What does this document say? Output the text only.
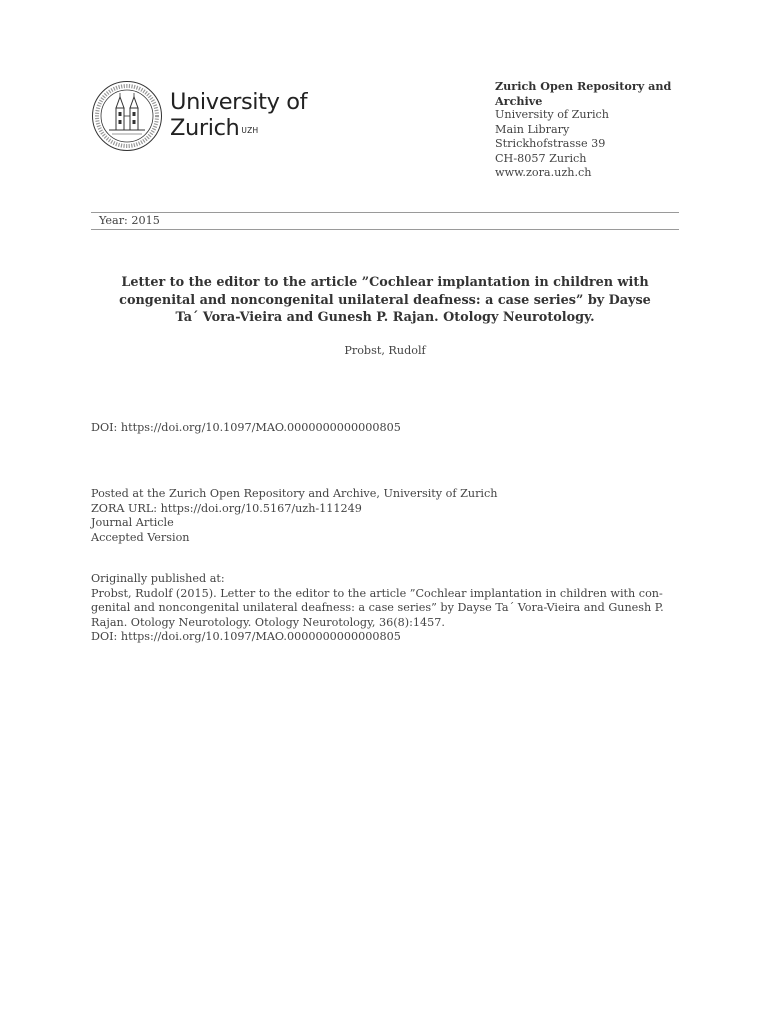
University of
Zurich $^{UZH}$
Zurich Open Repository and
Archive
University of Zurich
Main Library
Strickhofstrasse 39
CH-8057 Zurich
www.zora.uzh.ch
Year: 2015
Letter to the editor to the article ”Cochlear implantation in children with
congenital and noncongenital unilateral deafness: a case series” by Dayse
Ta´ Vora-Vieira and Gunesh P. Rajan. Otology Neurotology.
Probst, Rudolf
DOI: https://doi.org/10.1097/MAO.0000000000000805
Posted at the Zurich Open Repository and Archive, University of Zurich
ZORA URL: https://doi.org/10.5167/uzh-111249
Journal Article
Accepted Version
Originally published at:
Probst, Rudolf (2015). Letter to the editor to the article ”Cochlear implantation in children with con-
genital and noncongenital unilateral deafness: a case series” by Dayse Ta´ Vora-Vieira and Gunesh P.
Rajan. Otology Neurotology. Otology Neurotology, 36(8):1457.
DOI: https://doi.org/10.1097/MAO.0000000000000805
